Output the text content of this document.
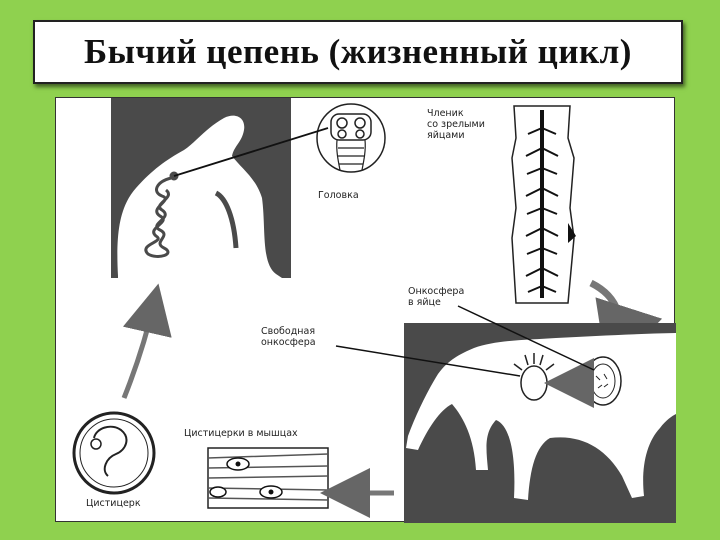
Бычий цепень (жизненный цикл)
Головка
Членик
со зрелыми
яйцами
Онкосфера
в яйце
Свободная
онкосфера
Цистицерки в мышцах
Цистицерк
